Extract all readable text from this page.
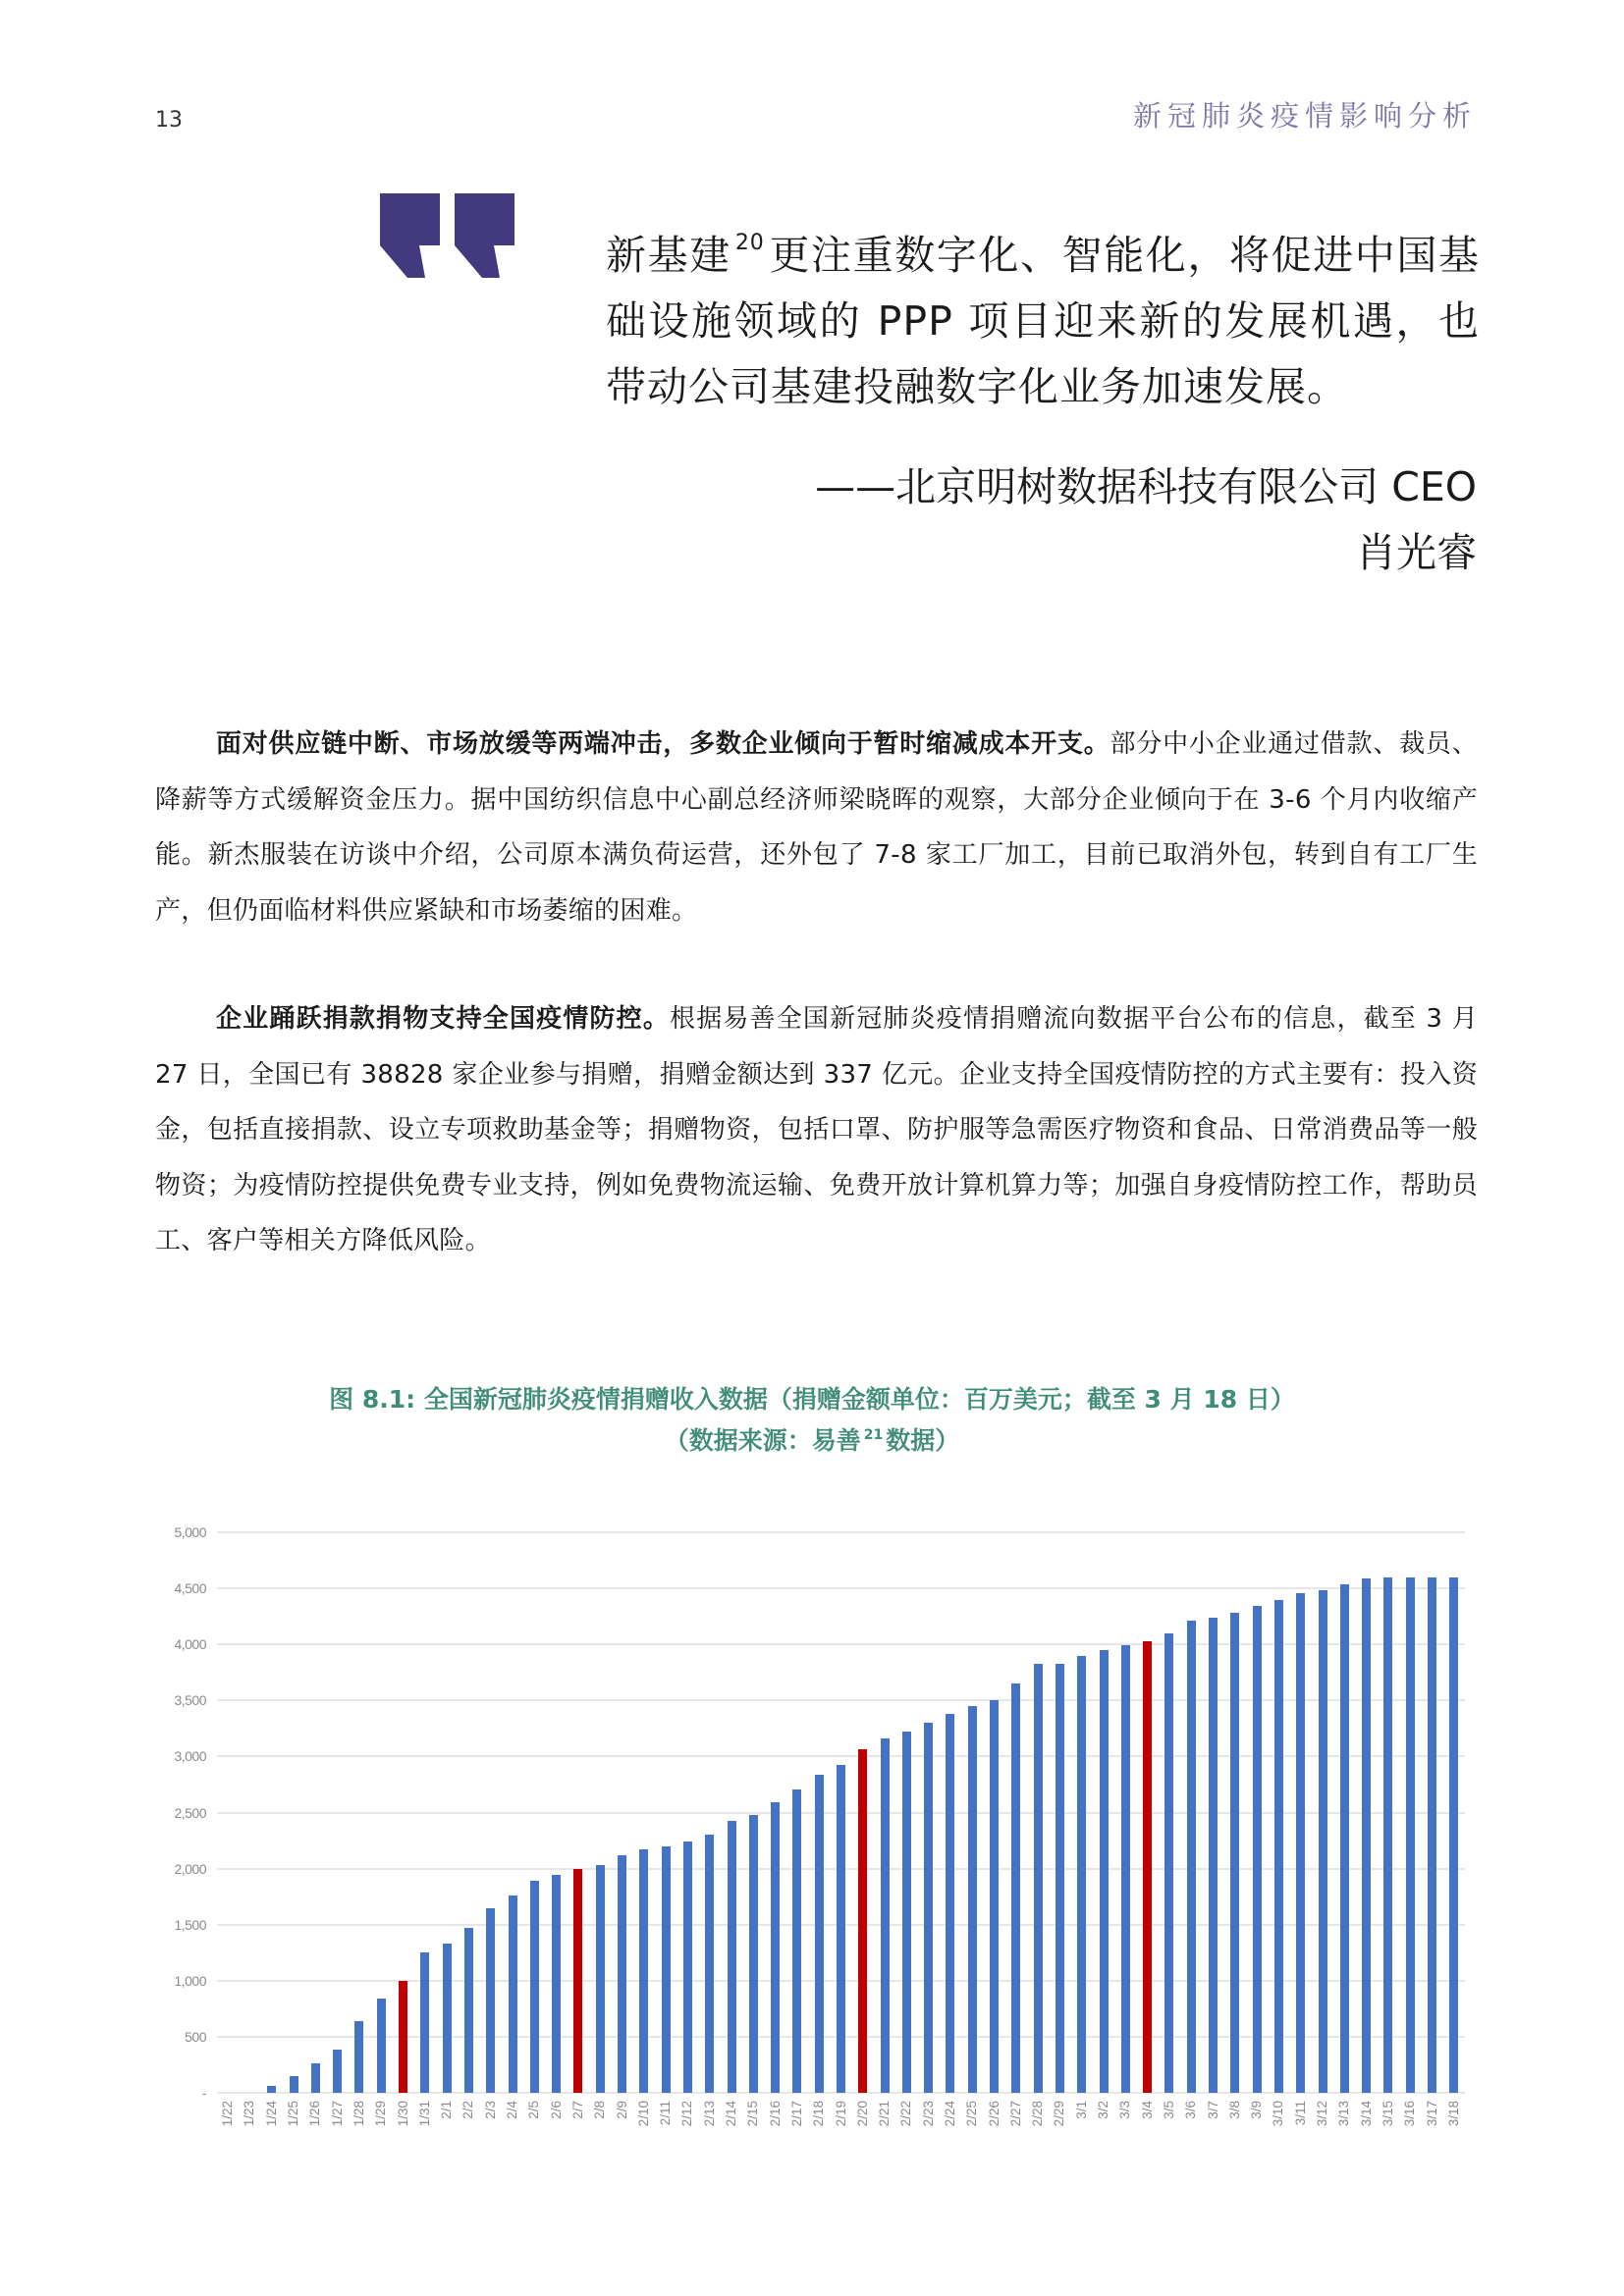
13	新冠肺炎疫情影响分析
新基建 $^{20}$更注重数字化、智能化，将促进中国基础设施领域的 PPP 项目迎来新的发展机遇，也带动公司基建投融数字化业务加速发展。
——北京明树数据科技有限公司 CEO
肖光睿
面对供应链中断、市场放缓等两端冲击，多数企业倾向于暂时缩减成本开支。部分中小企业通过借款、裁员、降薪等方式缓解资金压力。据中国纺织信息中心副总经济师梁晓晖的观察，大部分企业倾向于在 3-6 个月内收缩产能。新杰服装在访谈中介绍，公司原本满负荷运营，还外包了 7-8 家工厂加工，目前已取消外包，转到自有工厂生产，但仍面临材料供应紧缺和市场萎缩的困难。
企业踊跃捐款捐物支持全国疫情防控。根据易善全国新冠肺炎疫情捐赠流向数据平台公布的信息，截至 3 月 27 日，全国已有 38828 家企业参与捐赠，捐赠金额达到 337 亿元。企业支持全国疫情防控的方式主要有：投入资金，包括直接捐款、设立专项救助基金等；捐赠物资，包括口罩、防护服等急需医疗物资和食品、日常消费品等一般物资；为疫情防控提供免费专业支持，例如免费物流运输、免费开放计算机算力等；加强自身疫情防控工作，帮助员工、客户等相关方降低风险。
图 8.1: 全国新冠肺炎疫情捐赠收入数据（捐赠金额单位：百万美元；截至 3 月 18 日）
（数据来源：易善 $^{21}$ 数据）
-
500
1,000
1,500
2,000
2,500
3,000
3,500
4,000
4,500
5,000
1/22 1/23 1/24 1/25 1/26 1/27 1/28 1/29 1/30 1/31 2/1 2/2 2/3 2/4 2/5 2/6 2/7 2/8 2/9 2/10 2/11 2/12 2/13 2/14 2/15 2/16 2/17 2/18 2/19 2/20 2/21 2/22 2/23 2/24 2/25 2/26 2/27 2/28 2/29 3/1 3/2 3/3 3/4 3/5 3/6 3/7 3/8 3/9 3/10 3/11 3/12 3/13 3/14 3/15 3/16 3/17 3/18
